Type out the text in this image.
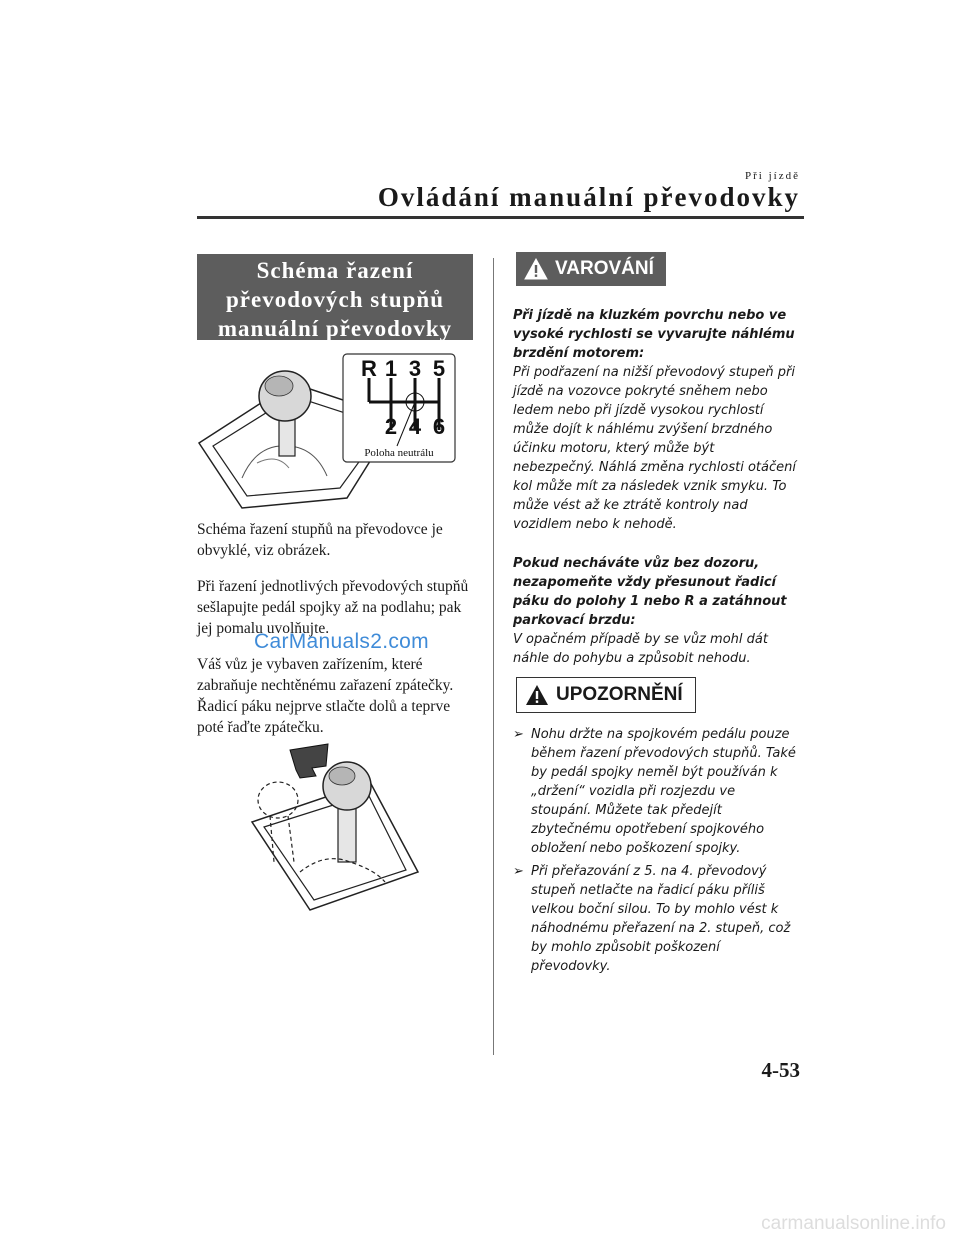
Při jízdě
Ovládání manuální převodovky
Schéma řazení
převodových stupňů
manuální převodovky
R 1 3 5
2 4 6
Poloha neutrálu
Schéma řazení stupňů na převodovce je obvyklé, viz obrázek.
Při řazení jednotlivých převodových stupňů sešlapujte pedál spojky až na podlahu; pak jej pomalu uvolňujte.
Váš vůz je vybaven zařízením, které zabraňuje nechtěnému zařazení zpátečky. Řadicí páku nejprve stlačte dolů a teprve poté řaďte zpátečku.
CarManuals2.com
VAROVÁNÍ
Při jízdě na kluzkém povrchu nebo ve vysoké rychlosti se vyvarujte náhlému brzdění motorem:
Při podřazení na nižší převodový stupeň při jízdě na vozovce pokryté sněhem nebo ledem nebo při jízdě vysokou rychlostí může dojít k náhlému zvýšení brzdného účinku motoru, který může být nebezpečný. Náhlá změna rychlosti otáčení kol může mít za následek vznik smyku. To může vést až ke ztrátě kontroly nad vozidlem nebo k nehodě.
Pokud necháváte vůz bez dozoru, nezapomeňte vždy přesunout řadicí páku do polohy 1 nebo R a zatáhnout parkovací brzdu:
V opačném případě by se vůz mohl dát náhle do pohybu a způsobit nehodu.
UPOZORNĚNÍ
➢ Nohu držte na spojkovém pedálu pouze během řazení převodových stupňů. Také by pedál spojky neměl být používán k „držení“ vozidla při rozjezdu ve stoupání. Můžete tak předejít zbytečnému opotřebení spojkového obložení nebo poškození spojky.
➢ Při přeřazování z 5. na 4. převodový stupeň netlačte na řadicí páku příliš velkou boční silou. To by mohlo vést k náhodnému přeřazení na 2. stupeň, což by mohlo způsobit poškození převodovky.
4-53
carmanualsonline.info
